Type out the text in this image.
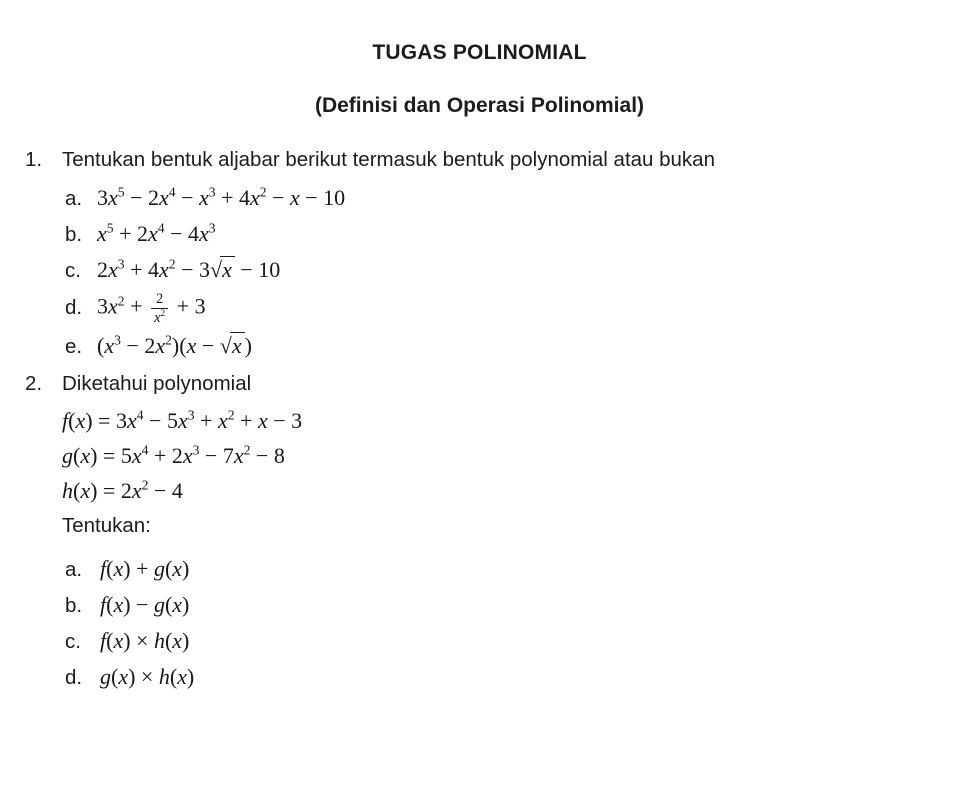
TUGAS POLINOMIAL
(Definisi dan Operasi Polinomial)
1. Tentukan bentuk aljabar berikut termasuk bentuk polynomial atau bukan
a. $3x^5 - 2x^4 - x^3 + 4x^2 - x - 10$
b. $x^5 + 2x^4 - 4x^3$
c. $2x^3 + 4x^2 - 3√x - 10$
d. $3x^2 + \frac{2}{x^2} + 3$
e. $(x^3 - 2x^2)(x - √x$ )
2. Diketahui polynomial
$f(x) = 3x^4 - 5x^3 + x^2 + x - 3$
$g(x) = 5x^4 + 2x^3 - 7x^2 - 8$
$h(x) = 2x^2 - 4$
Tentukan:
a. f(x) + g(x)
b. f(x) − g(x)
c. f(x) × h(x)
d. g(x) × h(x)
